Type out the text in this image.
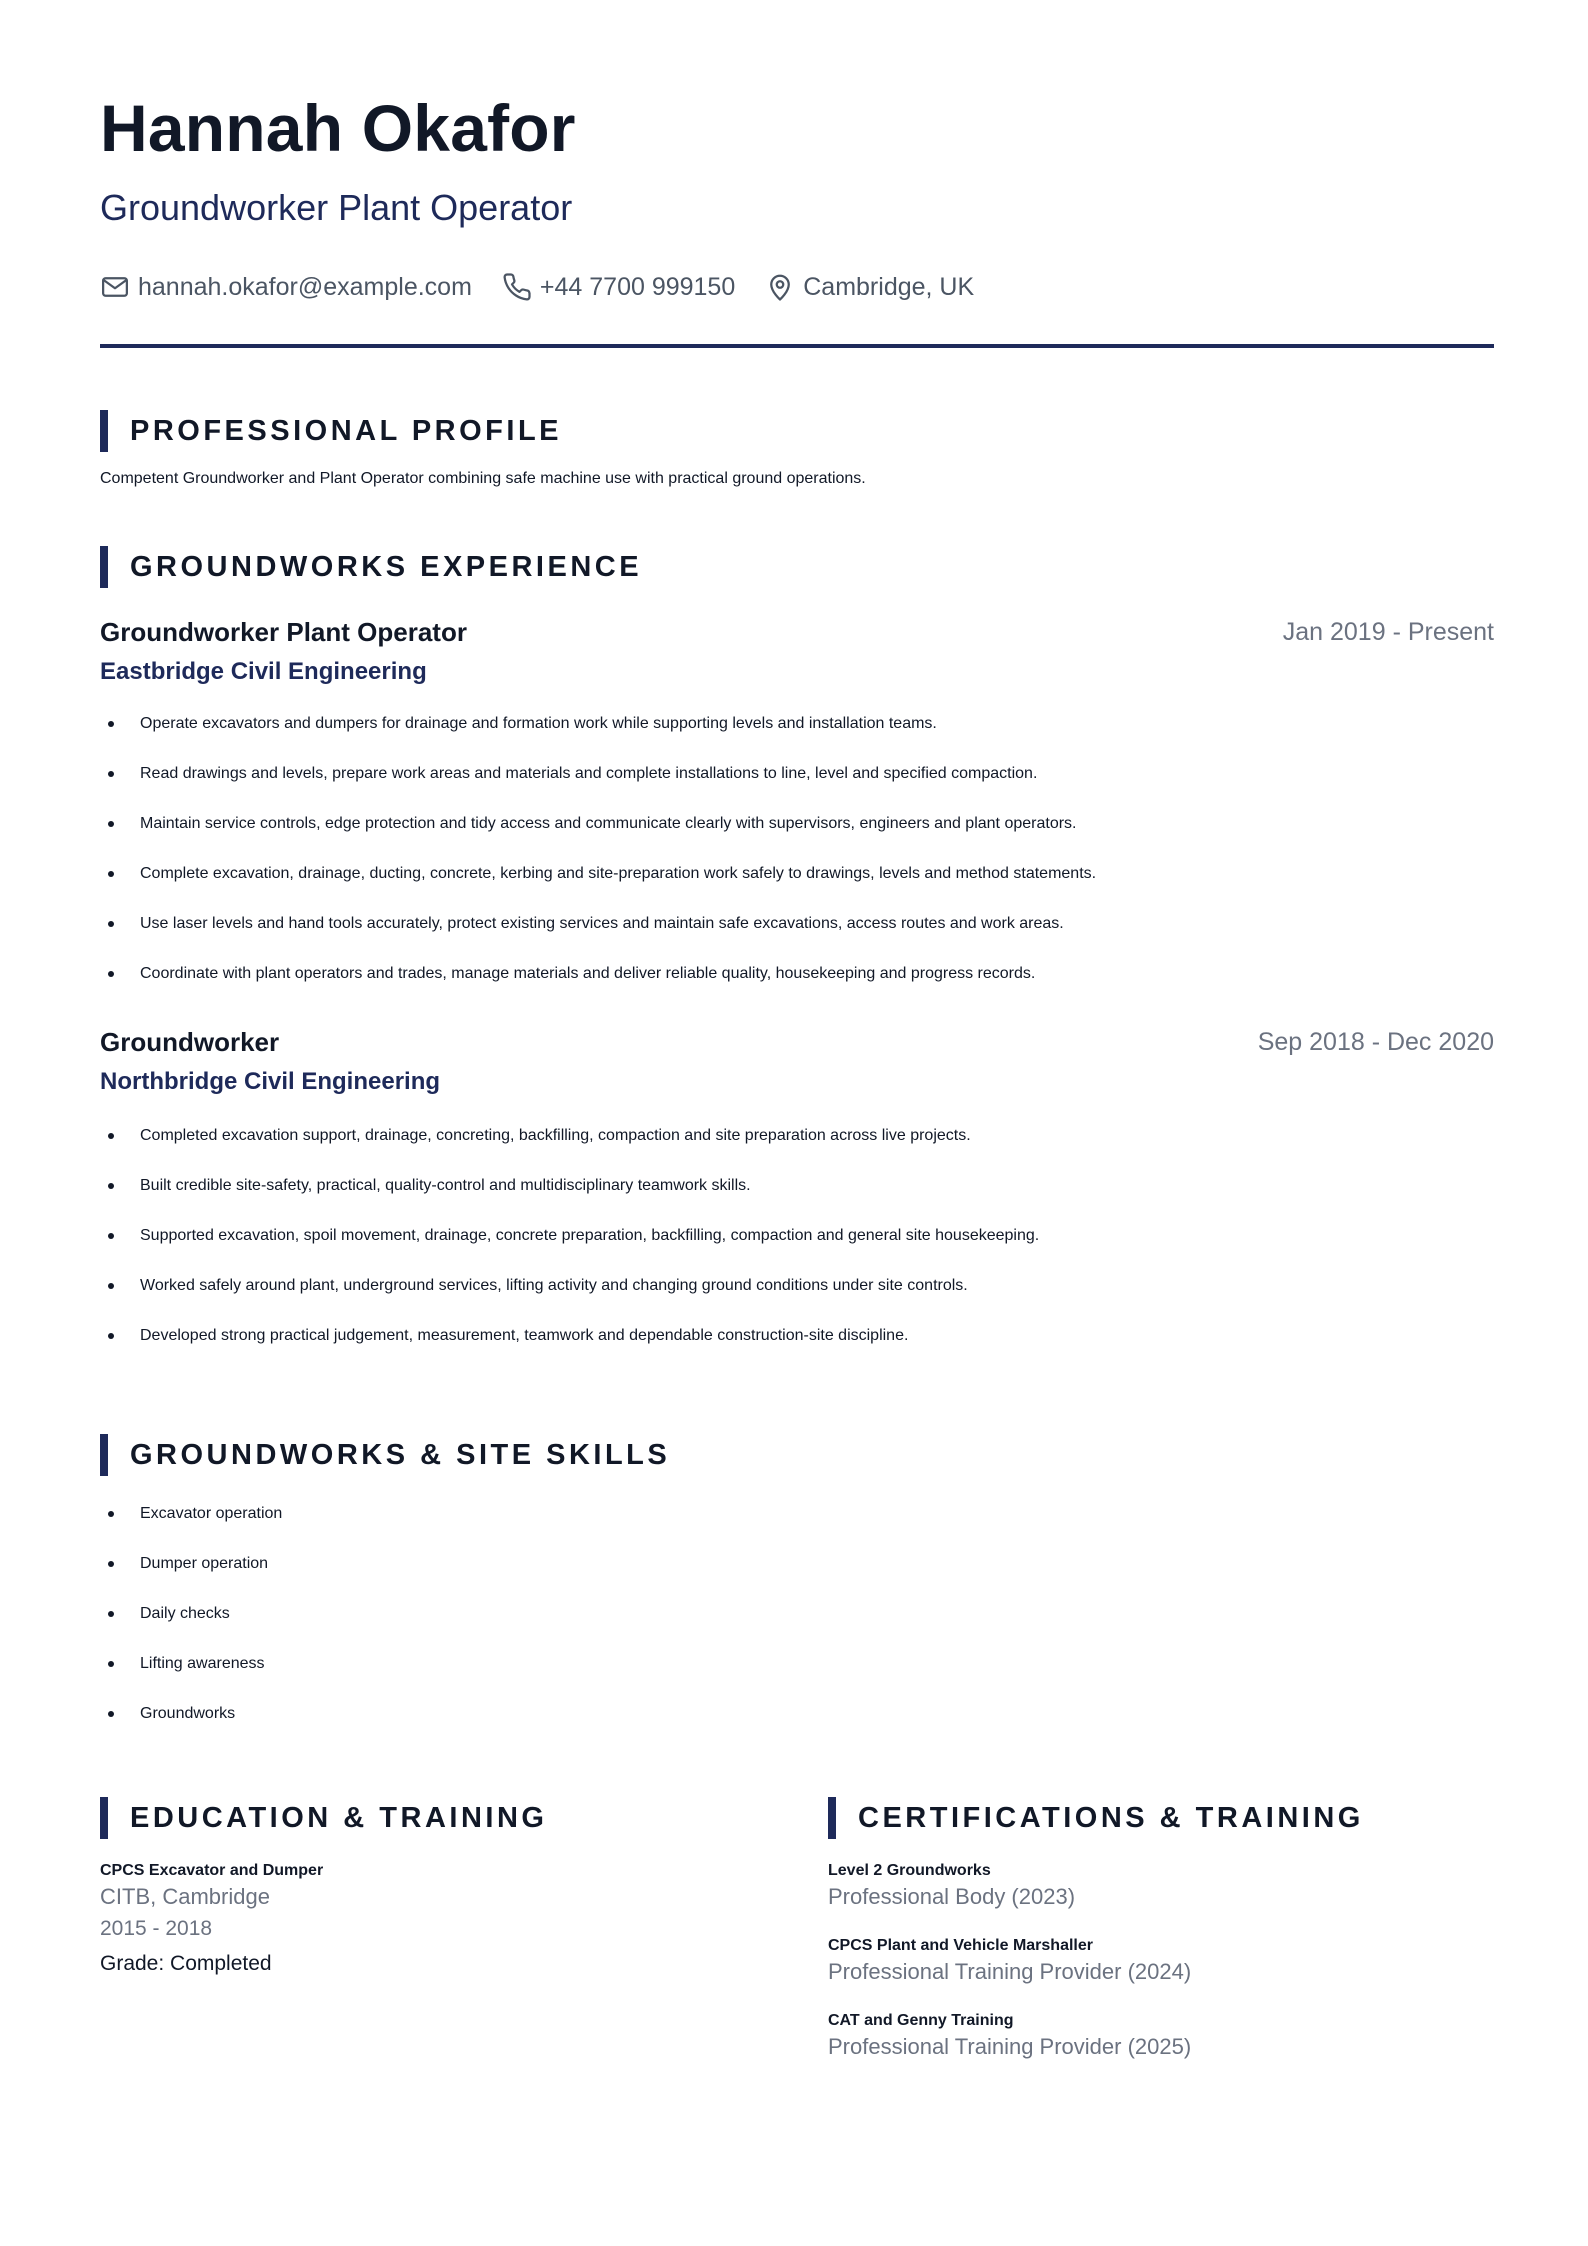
Hannah Okafor
Groundworker Plant Operator
hannah.okafor@example.com	+44 7700 999150	Cambridge, UK
PROFESSIONAL PROFILE
Competent Groundworker and Plant Operator combining safe machine use with practical ground operations.
GROUNDWORKS EXPERIENCE
Groundworker Plant Operator	Jan 2019 - Present
Eastbridge Civil Engineering
Operate excavators and dumpers for drainage and formation work while supporting levels and installation teams.
Read drawings and levels, prepare work areas and materials and complete installations to line, level and specified compaction.
Maintain service controls, edge protection and tidy access and communicate clearly with supervisors, engineers and plant operators.
Complete excavation, drainage, ducting, concrete, kerbing and site-preparation work safely to drawings, levels and method statements.
Use laser levels and hand tools accurately, protect existing services and maintain safe excavations, access routes and work areas.
Coordinate with plant operators and trades, manage materials and deliver reliable quality, housekeeping and progress records.
Groundworker	Sep 2018 - Dec 2020
Northbridge Civil Engineering
Completed excavation support, drainage, concreting, backfilling, compaction and site preparation across live projects.
Built credible site-safety, practical, quality-control and multidisciplinary teamwork skills.
Supported excavation, spoil movement, drainage, concrete preparation, backfilling, compaction and general site housekeeping.
Worked safely around plant, underground services, lifting activity and changing ground conditions under site controls.
Developed strong practical judgement, measurement, teamwork and dependable construction-site discipline.
GROUNDWORKS & SITE SKILLS
Excavator operation
Dumper operation
Daily checks
Lifting awareness
Groundworks
EDUCATION & TRAINING
CPCS Excavator and Dumper
CITB, Cambridge
2015 - 2018
Grade: Completed
CERTIFICATIONS & TRAINING
Level 2 Groundworks
Professional Body (2023)
CPCS Plant and Vehicle Marshaller
Professional Training Provider (2024)
CAT and Genny Training
Professional Training Provider (2025)
